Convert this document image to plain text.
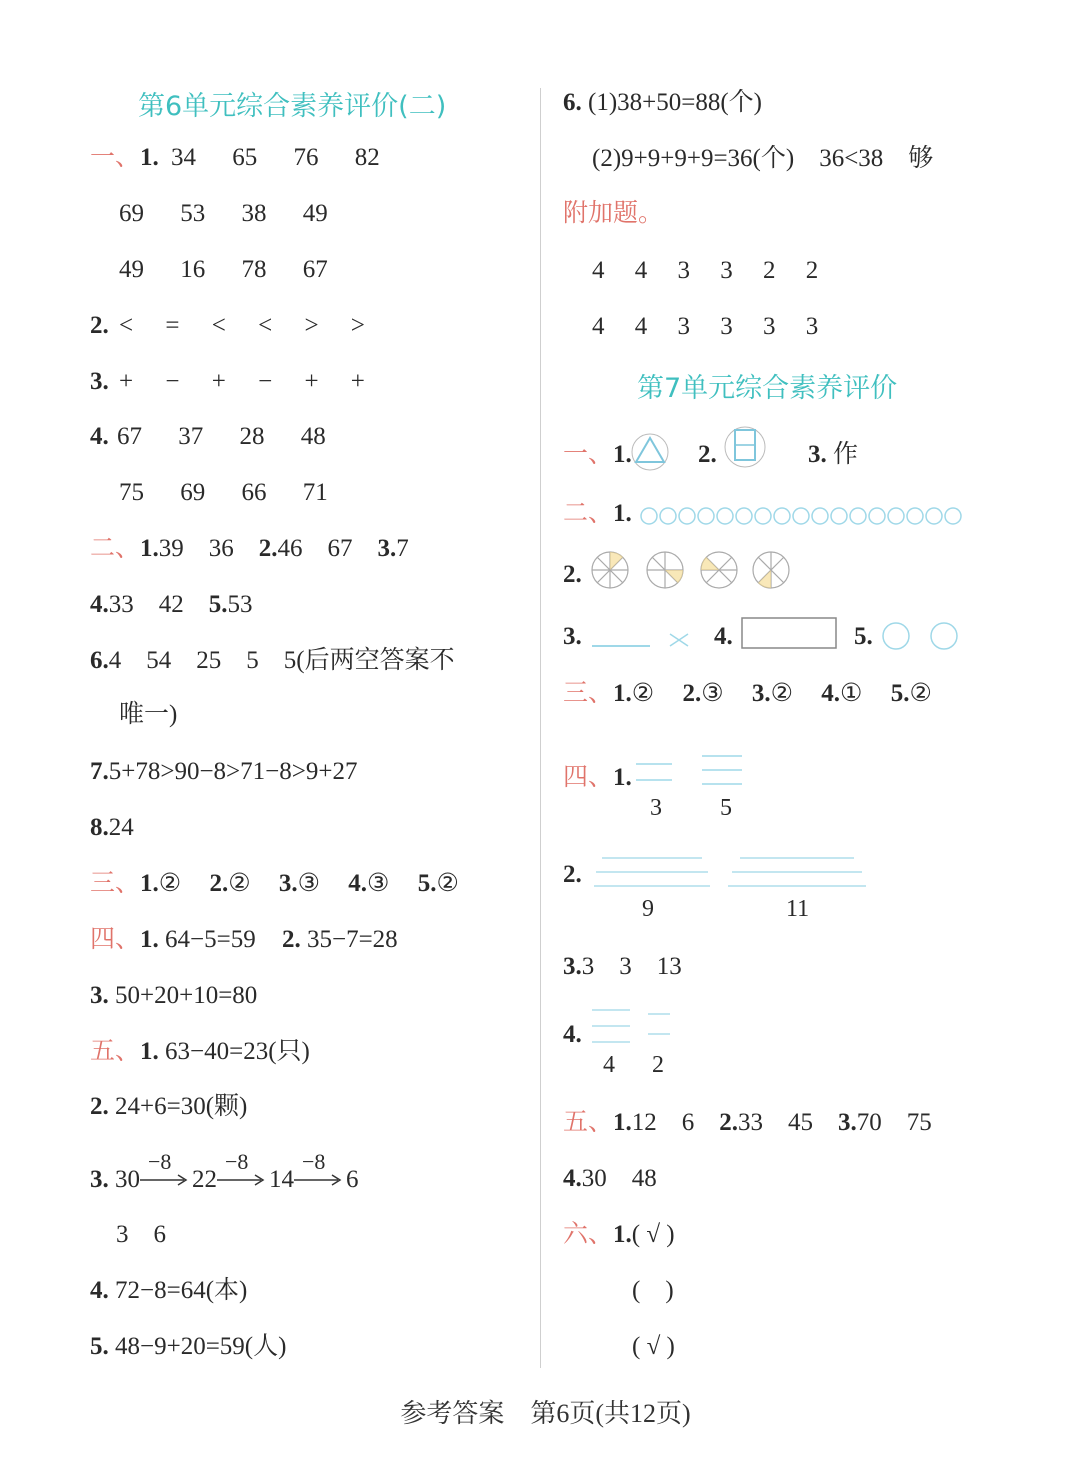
第6单元综合素养评价(二)
一、1. 34 65 76 82
69 53 38 49
49 16 78 67
2. < = < < > >
3. + − + − + +
4. 67 37 28 48
75 69 66 71
二、1.39    36 2.46    67 3.7
4.33    42 5.53
6.4    54    25    5    5(后两空答案不
唯一)
7.5+78>90−8>71−8>9+27
8.24
三、1.② 2.② 3.③ 4.③ 5.②
四、1. 64−5=59 2. 35−7=28
3. 50+20+10=80
五、1. 63−40=23(只)
2. 24+6=30(颗)
3. 30
−8
22
−8
14
−8
6
3    6
4. 72−8=64(本)
5. 48−9+20=59(人)
6. (1)38+50=88(个)
(2)9+9+9+9=36(个)    36<38    够
附加题。
4 4 3 3 2 2
4 4 3 3 3 3
第7单元综合素养评价
一、1.	2.	3. 作
二、1.
2.
3.	4.	5.
三、1.② 2.③ 3.② 4.① 5.②
四、1.
3 5
2.
9	11
3.3    3    13
4.
4 2
五、1.12    6 2.33    45 3.70    75
4.30    48
六、1.( √ )
(    )
( √ )
参考答案    第6页(共12页)
